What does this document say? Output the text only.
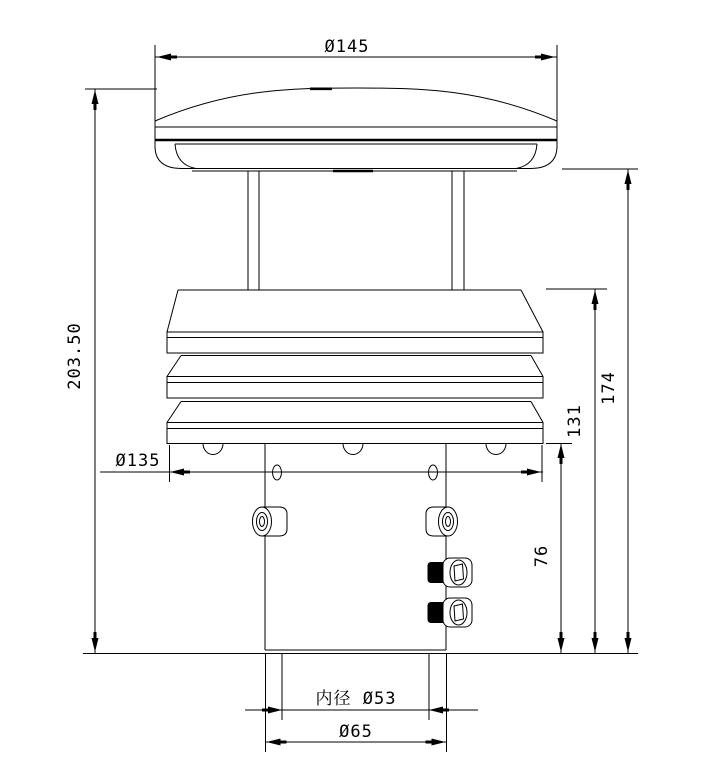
Ø145
203.50
Ø135
76
131
174
内径 Ø53
Ø65
